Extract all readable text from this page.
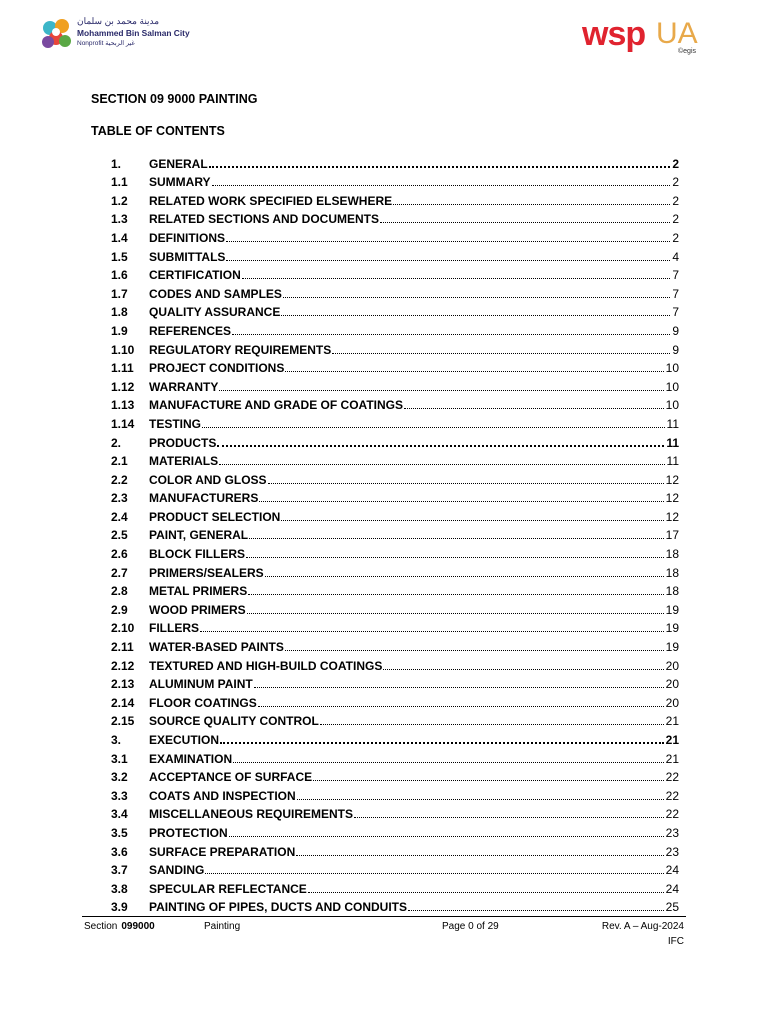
مدينة محمد بن سلمان
Mohammed Bin Salman City
Nonprofit غير الربحية	wsp UA
©egis
SECTION 09 9000 PAINTING
TABLE OF CONTENTS
1.	GENERAL	2
1.1	SUMMARY	2
1.2	RELATED WORK SPECIFIED ELSEWHERE	2
1.3	RELATED SECTIONS AND DOCUMENTS	2
1.4	DEFINITIONS	2
1.5	SUBMITTALS	4
1.6	CERTIFICATION	7
1.7	CODES AND SAMPLES	7
1.8	QUALITY ASSURANCE	7
1.9	REFERENCES	9
1.10	REGULATORY REQUIREMENTS	9
1.11	PROJECT CONDITIONS	10
1.12	WARRANTY	10
1.13	MANUFACTURE AND GRADE OF COATINGS	10
1.14	TESTING	11
2.	PRODUCTS	11
2.1	MATERIALS	11
2.2	COLOR AND GLOSS	12
2.3	MANUFACTURERS	12
2.4	PRODUCT SELECTION	12
2.5	PAINT, GENERAL	17
2.6	BLOCK FILLERS	18
2.7	PRIMERS/SEALERS	18
2.8	METAL PRIMERS	18
2.9	WOOD PRIMERS	19
2.10	FILLERS	19
2.11	WATER-BASED PAINTS	19
2.12	TEXTURED AND HIGH-BUILD COATINGS	20
2.13	ALUMINUM PAINT	20
2.14	FLOOR COATINGS	20
2.15	SOURCE QUALITY CONTROL	21
3.	EXECUTION	21
3.1	EXAMINATION	21
3.2	ACCEPTANCE OF SURFACE	22
3.3	COATS AND INSPECTION	22
3.4	MISCELLANEOUS REQUIREMENTS	22
3.5	PROTECTION	23
3.6	SURFACE PREPARATION	23
3.7	SANDING	24
3.8	SPECULAR REFLECTANCE	24
3.9	PAINTING OF PIPES, DUCTS AND CONDUITS	25
Section 099000	Painting	Page 0 of 29	Rev. A – Aug-2024
IFC
